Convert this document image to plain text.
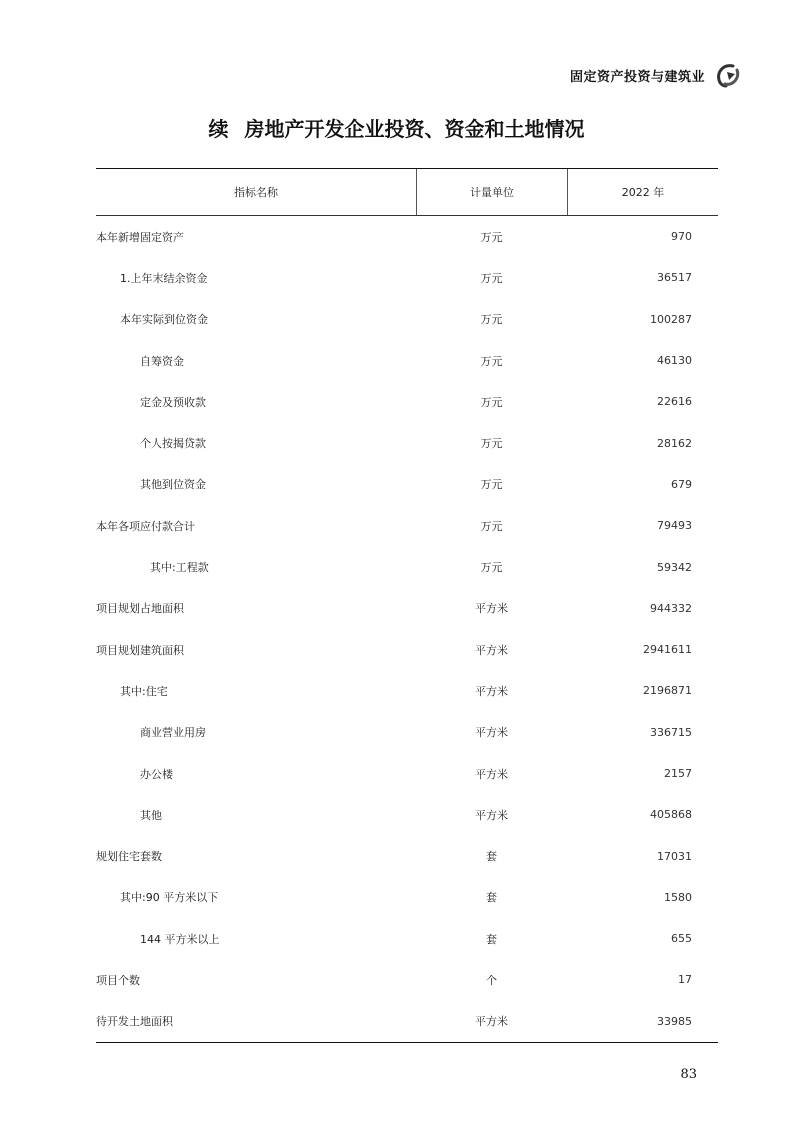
固定资产投资与建筑业
续 房地产开发企业投资、资金和土地情况
指标名称	计量单位	2022 年
本年新增固定资产	万元	970
1.上年末结余资金	万元	36517
本年实际到位资金	万元	100287
自筹资金	万元	46130
定金及预收款	万元	22616
个人按揭贷款	万元	28162
其他到位资金	万元	679
本年各项应付款合计	万元	79493
其中:工程款	万元	59342
项目规划占地面积	平方米	944332
项目规划建筑面积	平方米	2941611
其中:住宅	平方米	2196871
商业营业用房	平方米	336715
办公楼	平方米	2157
其他	平方米	405868
规划住宅套数	套	17031
其中:90 平方米以下	套	1580
144 平方米以上	套	655
项目个数	个	17
待开发土地面积	平方米	33985
83
